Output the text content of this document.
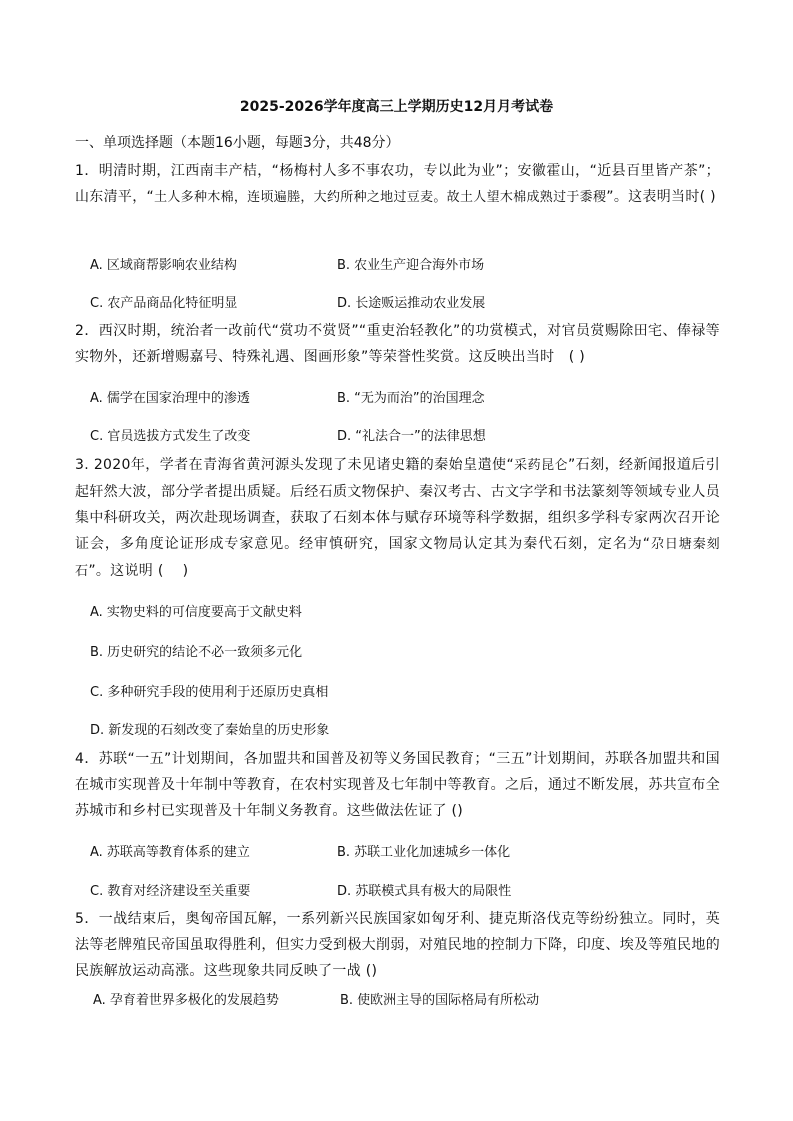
2025-2026学年度高三上学期历史12月月考试卷
一、单项选择题（本题16小题，每题3分，共48分）
1．明清时期，江西南丰产桔，“杨梅村人多不事农功，专以此为业”；安徽霍山，“近县百里皆产茶”；山东清平，“土人多种木棉，连顷遍塍，大约所种之地过豆麦。故土人望木棉成熟过于黍稷”。这表明当时( )
A. 区域商帮影响农业结构	B. 农业生产迎合海外市场
C. 农产品商品化特征明显	D. 长途贩运推动农业发展
2．西汉时期，统治者一改前代“赏功不赏贤”“重吏治轻教化”的功赏模式，对官员赏赐除田宅、俸禄等实物外，还新增赐嘉号、特殊礼遇、图画形象”等荣誉性奖赏。这反映出当时　( )
A. 儒学在国家治理中的渗透	B. “无为而治”的治国理念
C. 官员选拔方式发生了改变	D. “礼法合一”的法律思想
3. 2020年，学者在青海省黄河源头发现了未见诸史籍的秦始皇遣使“采药昆仑”石刻，经新闻报道后引起轩然大波，部分学者提出质疑。后经石质文物保护、秦汉考古、古文字学和书法篆刻等领域专业人员集中科研攻关，两次赴现场调查，获取了石刻本体与赋存环境等科学数据，组织多学科专家两次召开论证会，多角度论证形成专家意见。经审慎研究，国家文物局认定其为秦代石刻，定名为“尕日塘秦刻石”。这说明 ( 　)
A. 实物史料的可信度要高于文献史料
B. 历史研究的结论不必一致须多元化
C. 多种研究手段的使用利于还原历史真相
D. 新发现的石刻改变了秦始皇的历史形象
4．苏联“一五”计划期间，各加盟共和国普及初等义务国民教育；“三五”计划期间，苏联各加盟共和国在城市实现普及十年制中等教育，在农村实现普及七年制中等教育。之后，通过不断发展，苏共宣布全苏城市和乡村已实现普及十年制义务教育。这些做法佐证了 ()
A. 苏联高等教育体系的建立	B. 苏联工业化加速城乡一体化
C. 教育对经济建设至关重要	D. 苏联模式具有极大的局限性
5．一战结束后，奥匈帝国瓦解，一系列新兴民族国家如匈牙利、捷克斯洛伐克等纷纷独立。同时，英法等老牌殖民帝国虽取得胜利，但实力受到极大削弱，对殖民地的控制力下降，印度、埃及等殖民地的民族解放运动高涨。这些现象共同反映了一战 ()
A. 孕育着世界多极化的发展趋势	B. 使欧洲主导的国际格局有所松动
